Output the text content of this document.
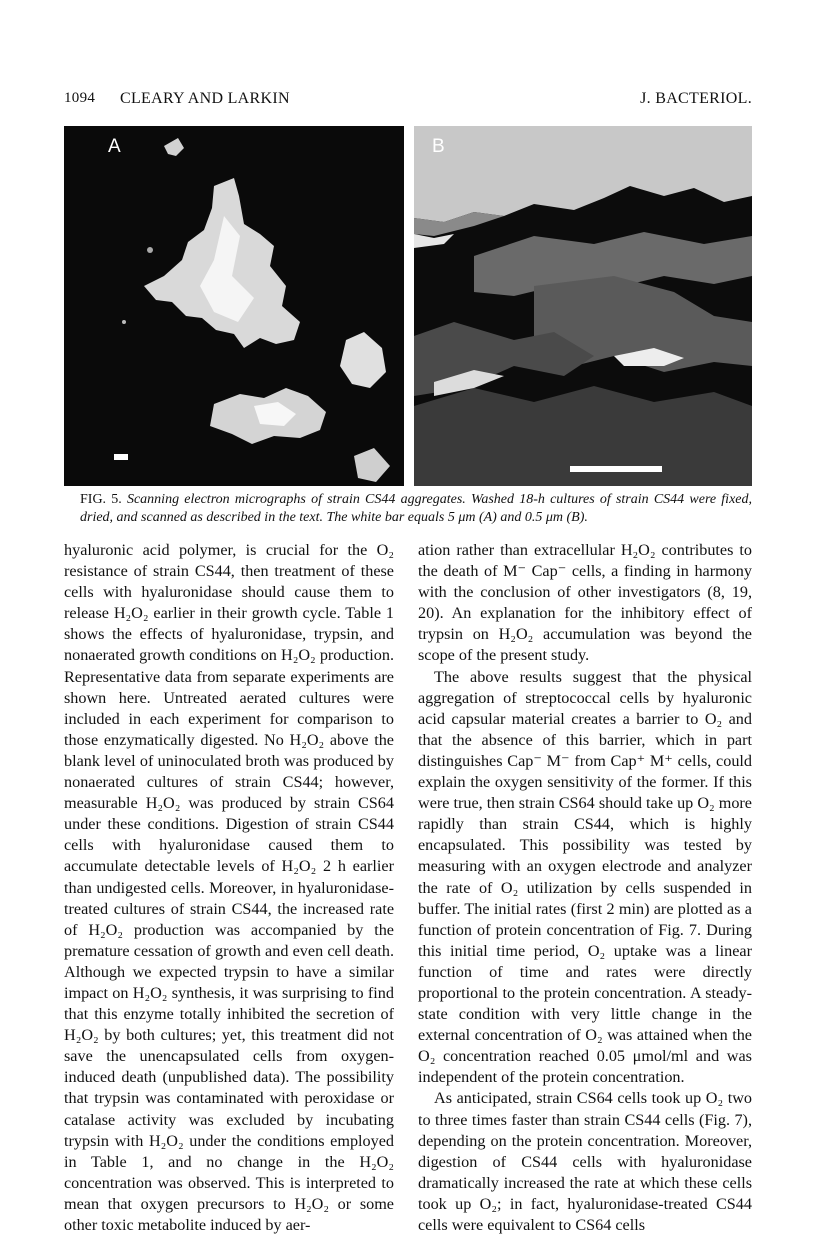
1094 CLEARY AND LARKIN	J. BACTERIOL.
A	B
FIG. 5. Scanning electron micrographs of strain CS44 aggregates. Washed 18-h cultures of strain CS44 were fixed, dried, and scanned as described in the text. The white bar equals 5 μm (A) and 0.5 μm (B).

hyaluronic acid polymer, is crucial for the O₂ resistance of strain CS44, then treatment of these cells with hyaluronidase should cause them to release H₂O₂ earlier in their growth cycle. Table 1 shows the effects of hyaluronidase, trypsin, and nonaerated growth conditions on H₂O₂ production. Representative data from separate experiments are shown here. Untreated aerated cultures were included in each experiment for comparison to those enzymatically digested. No H₂O₂ above the blank level of uninoculated broth was produced by nonaerated cultures of strain CS44; however, measurable H₂O₂ was produced by strain CS64 under these conditions. Digestion of strain CS44 cells with hyaluronidase caused them to accumulate detectable levels of H₂O₂ 2 h earlier than undigested cells. Moreover, in hyaluronidase-treated cultures of strain CS44, the increased rate of H₂O₂ production was accompanied by the premature cessation of growth and even cell death. Although we expected trypsin to have a similar impact on H₂O₂ synthesis, it was surprising to find that this enzyme totally inhibited the secretion of H₂O₂ by both cultures; yet, this treatment did not save the unencapsulated cells from oxygen-induced death (unpublished data). The possibility that trypsin was contaminated with peroxidase or catalase activity was excluded by incubating trypsin with H₂O₂ under the conditions employed in Table 1, and no change in the H₂O₂ concentration was observed. This is interpreted to mean that oxygen precursors to H₂O₂ or some other toxic metabolite induced by aer-

ation rather than extracellular H₂O₂ contributes to the death of M⁻ Cap⁻ cells, a finding in harmony with the conclusion of other investigators (8, 19, 20). An explanation for the inhibitory effect of trypsin on H₂O₂ accumulation was beyond the scope of the present study.

The above results suggest that the physical aggregation of streptococcal cells by hyaluronic acid capsular material creates a barrier to O₂ and that the absence of this barrier, which in part distinguishes Cap⁻ M⁻ from Cap⁺ M⁺ cells, could explain the oxygen sensitivity of the former. If this were true, then strain CS64 should take up O₂ more rapidly than strain CS44, which is highly encapsulated. This possibility was tested by measuring with an oxygen electrode and analyzer the rate of O₂ utilization by cells suspended in buffer. The initial rates (first 2 min) are plotted as a function of protein concentration of Fig. 7. During this initial time period, O₂ uptake was a linear function of time and rates were directly proportional to the protein concentration. A steady-state condition with very little change in the external concentration of O₂ was attained when the O₂ concentration reached 0.05 μmol/ml and was independent of the protein concentration.

As anticipated, strain CS64 cells took up O₂ two to three times faster than strain CS44 cells (Fig. 7), depending on the protein concentration. Moreover, digestion of CS44 cells with hyaluronidase dramatically increased the rate at which these cells took up O₂; in fact, hyaluronidase-treated CS44 cells were equivalent to CS64 cells
